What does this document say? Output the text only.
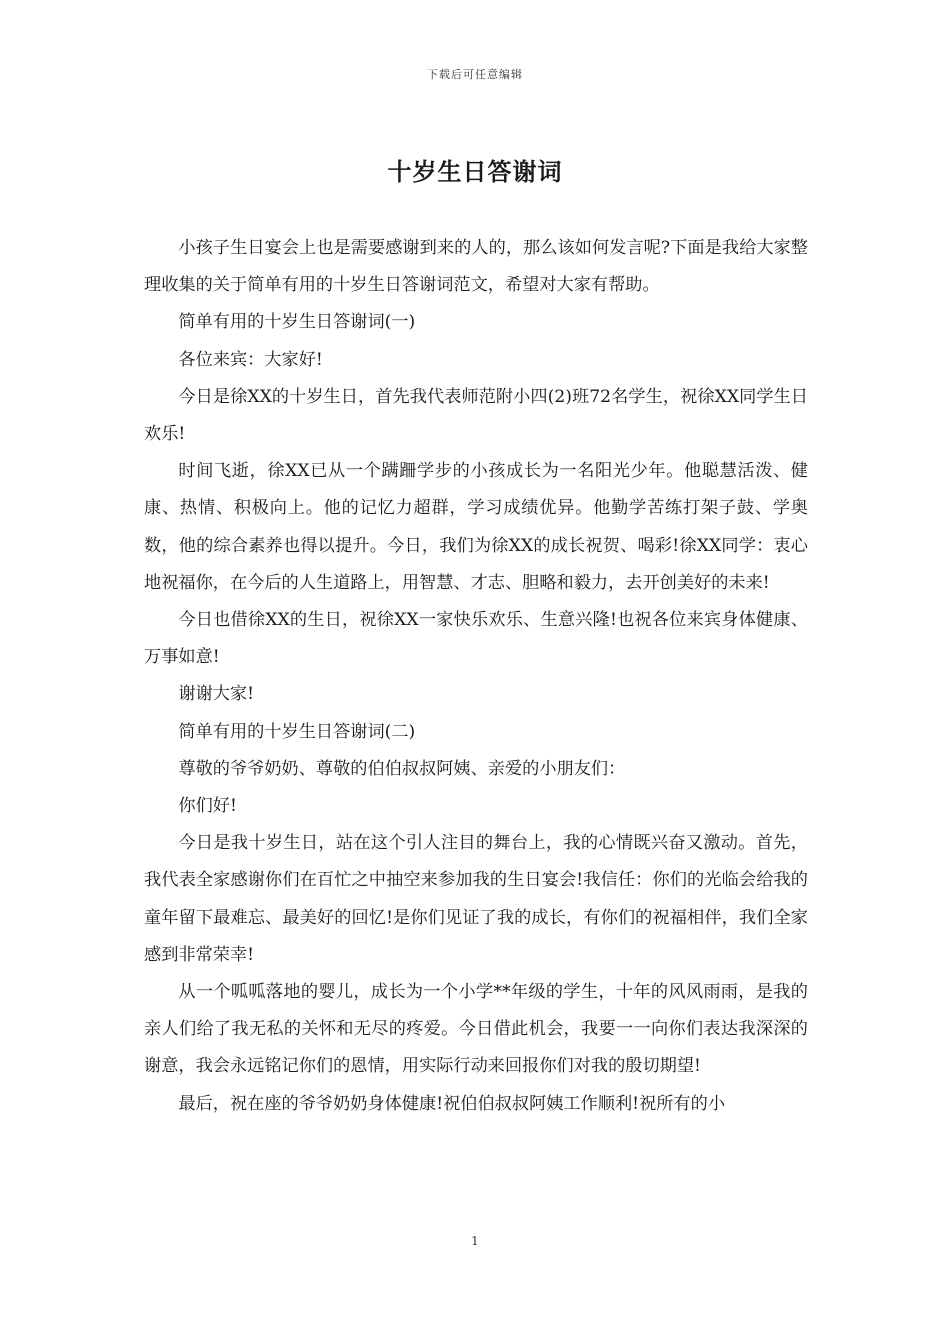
下载后可任意编辑
十岁生日答谢词

小孩子生日宴会上也是需要感谢到来的人的，那么该如何发言呢?下面是我给大家整理收集的关于简单有用的十岁生日答谢词范文，希望对大家有帮助。

简单有用的十岁生日答谢词(一)

各位来宾：大家好!

今日是徐XX的十岁生日，首先我代表师范附小四(2)班72名学生，祝徐XX同学生日欢乐!

时间飞逝，徐XX已从一个蹒跚学步的小孩成长为一名阳光少年。他聪慧活泼、健康、热情、积极向上。他的记忆力超群，学习成绩优异。他勤学苦练打架子鼓、学奥数，他的综合素养也得以提升。今日，我们为徐XX的成长祝贺、喝彩!徐XX同学：衷心地祝福你，在今后的人生道路上，用智慧、才志、胆略和毅力，去开创美好的未来!

今日也借徐XX的生日，祝徐XX一家快乐欢乐、生意兴隆!也祝各位来宾身体健康、万事如意!

谢谢大家!

简单有用的十岁生日答谢词(二)

尊敬的爷爷奶奶、尊敬的伯伯叔叔阿姨、亲爱的小朋友们：

你们好!

今日是我十岁生日，站在这个引人注目的舞台上，我的心情既兴奋又激动。首先，我代表全家感谢你们在百忙之中抽空来参加我的生日宴会!我信任：你们的光临会给我的童年留下最难忘、最美好的回忆!是你们见证了我的成长，有你们的祝福相伴，我们全家感到非常荣幸!

从一个呱呱落地的婴儿，成长为一个小学**年级的学生，十年的风风雨雨，是我的亲人们给了我无私的关怀和无尽的疼爱。今日借此机会，我要一一向你们表达我深深的谢意，我会永远铭记你们的恩情，用实际行动来回报你们对我的殷切期望!

最后，祝在座的爷爷奶奶身体健康!祝伯伯叔叔阿姨工作顺利!祝所有的小

1
